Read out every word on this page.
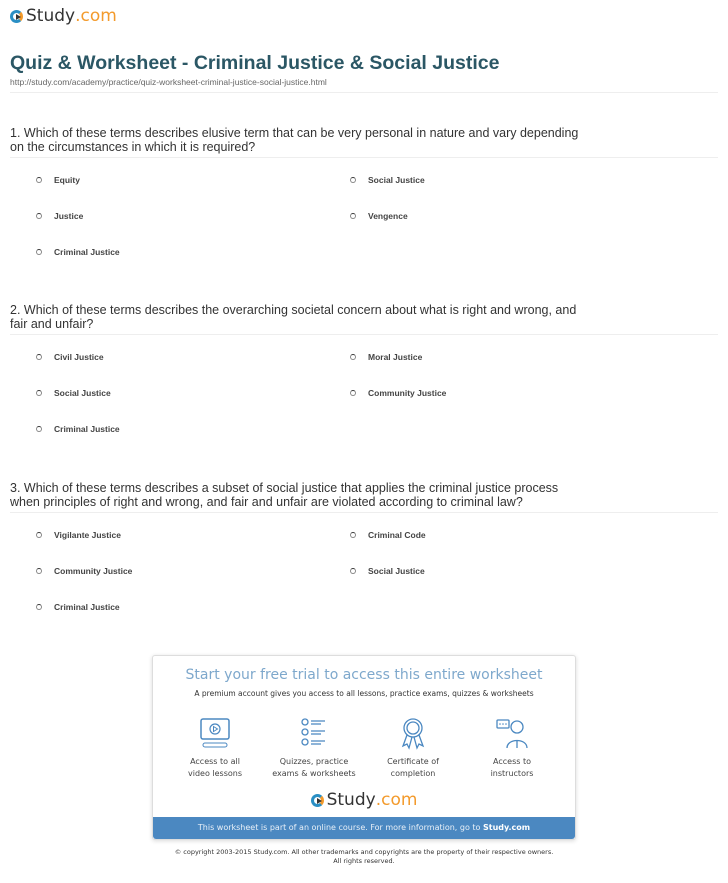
Study .com
Quiz & Worksheet - Criminal Justice & Social Justice
http://study.com/academy/practice/quiz-worksheet-criminal-justice-social-justice.html
1. Which of these terms describes elusive term that can be very personal in nature and vary depending on the circumstances in which it is required?
Equity	Social Justice
Justice	Vengence
Criminal Justice
2. Which of these terms describes the overarching societal concern about what is right and wrong, and fair and unfair?
Civil Justice	Moral Justice
Social Justice	Community Justice
Criminal Justice
3. Which of these terms describes a subset of social justice that applies the criminal justice process when principles of right and wrong, and fair and unfair are violated according to criminal law?
Vigilante Justice	Criminal Code
Community Justice	Social Justice
Criminal Justice
Start your free trial to access this entire worksheet
A premium account gives you access to all lessons, practice exams, quizzes & worksheets
Access to all
video lessons
Quizzes, practice
exams & worksheets
Certificate of
completion
Access to
instructors
Study .com
This worksheet is part of an online course. For more information, go to Study.com
© copyright 2003-2015 Study.com. All other trademarks and copyrights are the property of their respective owners.
All rights reserved.
